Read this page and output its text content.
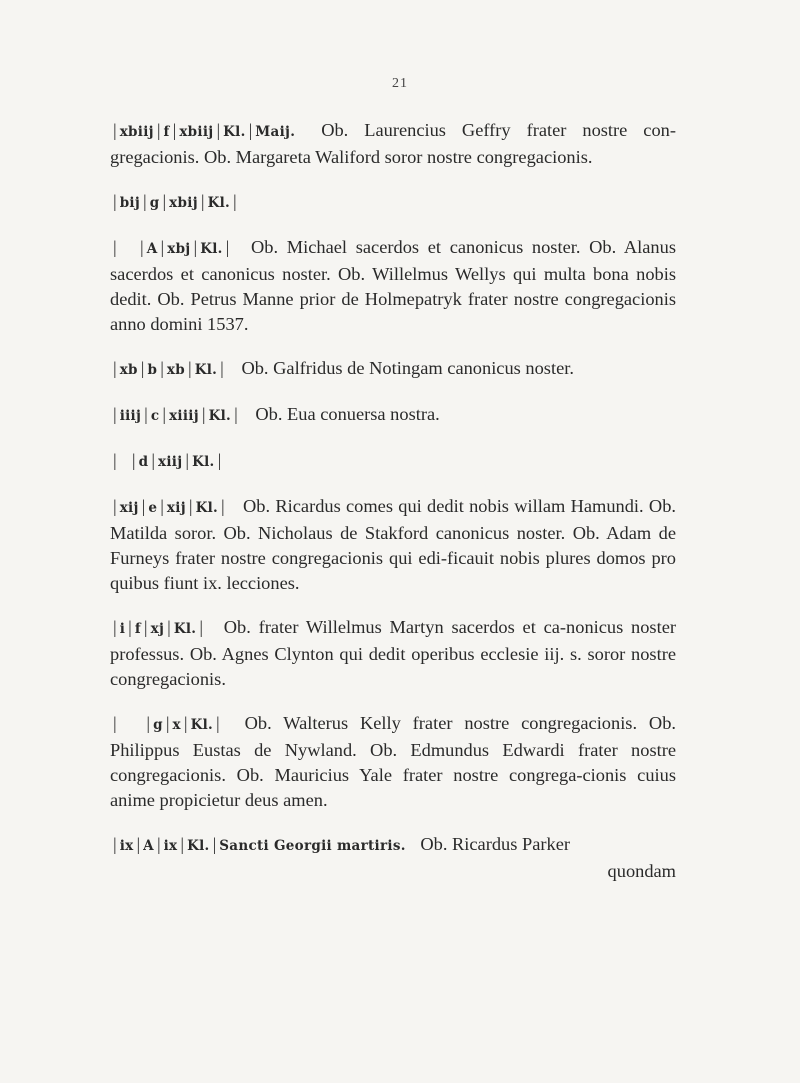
21

| xbiij | f | xbiij | Kl. | Maij. Ob. Laurencius Geffry frater nostre con-gregacionis. Ob. Margareta Waliford soror nostre congregacionis.

| bij | g | xbij | Kl. |

|  | A | xbj | Kl. | Ob. Michael sacerdos et canonicus noster. Ob. Alanus sacerdos et canonicus noster. Ob. Willelmus Wellys qui multa bona nobis dedit. Ob. Petrus Manne prior de Holmepatryk frater nostre congregacionis anno domini 1537.

| xb | b | xb | Kl. | Ob. Galfridus de Notingam canonicus noster.

| iiij | c | xiiij | Kl. | Ob. Eua conuersa nostra.

|  | d | xiij | Kl. |

| xij | e | xij | Kl. | Ob. Ricardus comes qui dedit nobis willam Hamundi. Ob. Matilda soror. Ob. Nicholaus de Stakford canonicus noster. Ob. Adam de Furneys frater nostre congregacionis qui edi-ficauit nobis plures domos pro quibus fiunt ix. lecciones.

| i | f | xj | Kl. | Ob. frater Willelmus Martyn sacerdos et ca-nonicus noster professus. Ob. Agnes Clynton qui dedit operibus ecclesie iij. s. soror nostre congregacionis.

|  | g | x | Kl. | Ob. Walterus Kelly frater nostre congregacionis. Ob. Philippus Eustas de Nywland. Ob. Edmundus Edwardi frater nostre congregacionis. Ob. Mauricius Yale frater nostre congrega-cionis cuius anime propicietur deus amen.

| ix | A | ix | Kl. | Sancti Georgii martiris. Ob. Ricardus Parker
quondam
